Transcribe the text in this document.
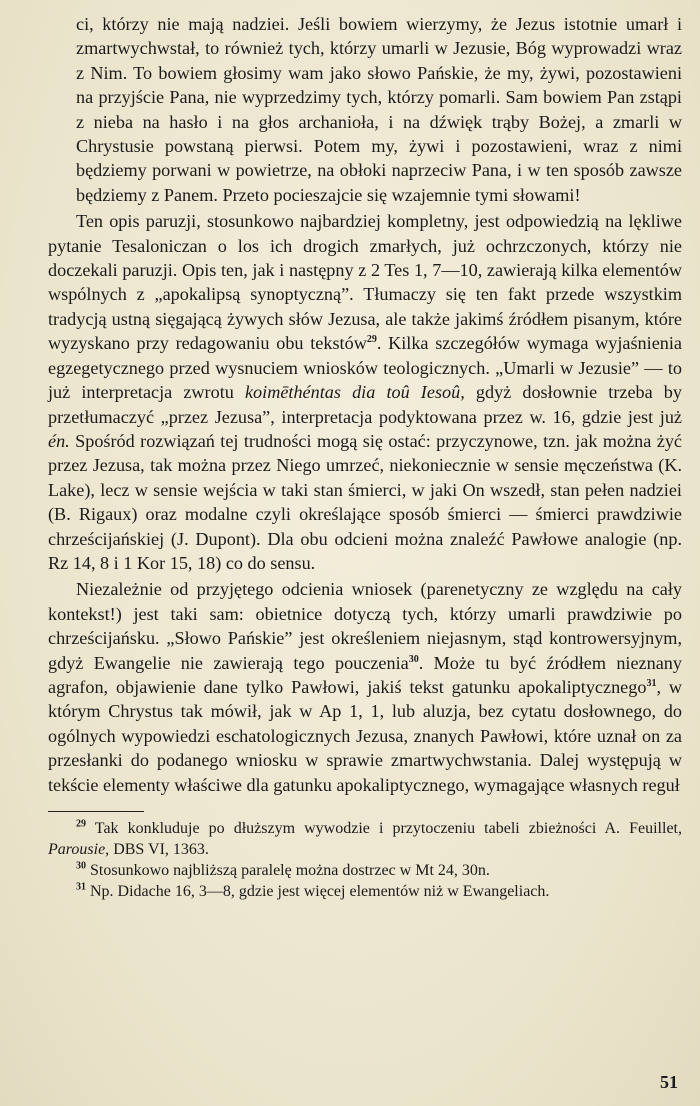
ci, którzy nie mają nadziei. Jeśli bowiem wierzymy, że Jezus istotnie umarł i zmartwychwstał, to również tych, którzy umarli w Jezusie, Bóg wyprowadzi wraz z Nim. To bowiem głosimy wam jako słowo Pańskie, że my, żywi, pozostawieni na przyjście Pana, nie wyprzedzimy tych, którzy pomarli. Sam bowiem Pan zstąpi z nieba na hasło i na głos archanioła, i na dźwięk trąby Bożej, a zmarli w Chrystusie powstaną pierwsi. Potem my, żywi i pozostawieni, wraz z nimi będziemy porwani w powietrze, na obłoki naprzeciw Pana, i w ten sposób zawsze będziemy z Panem. Przeto pocieszajcie się wzajemnie tymi słowami!

Ten opis paruzji, stosunkowo najbardziej kompletny, jest odpowiedzią na lękliwe pytanie Tesaloniczan o los ich drogich zmarłych, już ochrzczonych, którzy nie doczekali paruzji. Opis ten, jak i następny z 2 Tes 1, 7—10, zawierają kilka elementów wspólnych z „apokalipsą synoptyczną”. Tłumaczy się ten fakt przede wszystkim tradycją ustną sięgającą żywych słów Jezusa, ale także jakimś źródłem pisanym, które wyzyskano przy redagowaniu obu tekstów$^{29}$. Kilka szczegółów wymaga wyjaśnienia egzegetycznego przed wysnuciem wniosków teologicznych. „Umarli w Jezusie” — to już interpretacja zwrotu koimēthéntas dia toû Iesoû, gdyż dosłownie trzeba by przetłumaczyć „przez Jezusa”, interpretacja podyktowana przez w. 16, gdzie jest już én. Spośród rozwiązań tej trudności mogą się ostać: przyczynowe, tzn. jak można żyć przez Jezusa, tak można przez Niego umrzeć, niekoniecznie w sensie męczeństwa (K. Lake), lecz w sensie wejścia w taki stan śmierci, w jaki On wszedł, stan pełen nadziei (B. Rigaux) oraz modalne czyli określające sposób śmierci — śmierci prawdziwie chrześcijańskiej (J. Dupont). Dla obu odcieni można znaleźć Pawłowe analogie (np. Rz 14, 8 i 1 Kor 15, 18) co do sensu.

Niezależnie od przyjętego odcienia wniosek (parenetyczny ze względu na cały kontekst!) jest taki sam: obietnice dotyczą tych, którzy umarli prawdziwie po chrześcijańsku. „Słowo Pańskie” jest określeniem niejasnym, stąd kontrowersyjnym, gdyż Ewangelie nie zawierają tego pouczenia$^{30}$. Może tu być źródłem nieznany agrafon, objawienie dane tylko Pawłowi, jakiś tekst gatunku apokaliptycznego$^{31}$, w którym Chrystus tak mówił, jak w Ap 1, 1, lub aluzja, bez cytatu dosłownego, do ogólnych wypowiedzi eschatologicznych Jezusa, znanych Pawłowi, które uznał on za przesłanki do podanego wniosku w sprawie zmartwychwstania. Dalej występują w tekście elementy właściwe dla gatunku apokaliptycznego, wymagające własnych reguł

$^{29}$ Tak konkluduje po dłuższym wywodzie i przytoczeniu tabeli zbieżności A. Feuillet, Parousie, DBS VI, 1363.

$^{30}$ Stosunkowo najbliższą paralelę można dostrzec w Mt 24, 30n.

$^{31}$ Np. Didache 16, 3—8, gdzie jest więcej elementów niż w Ewangeliach.

51
